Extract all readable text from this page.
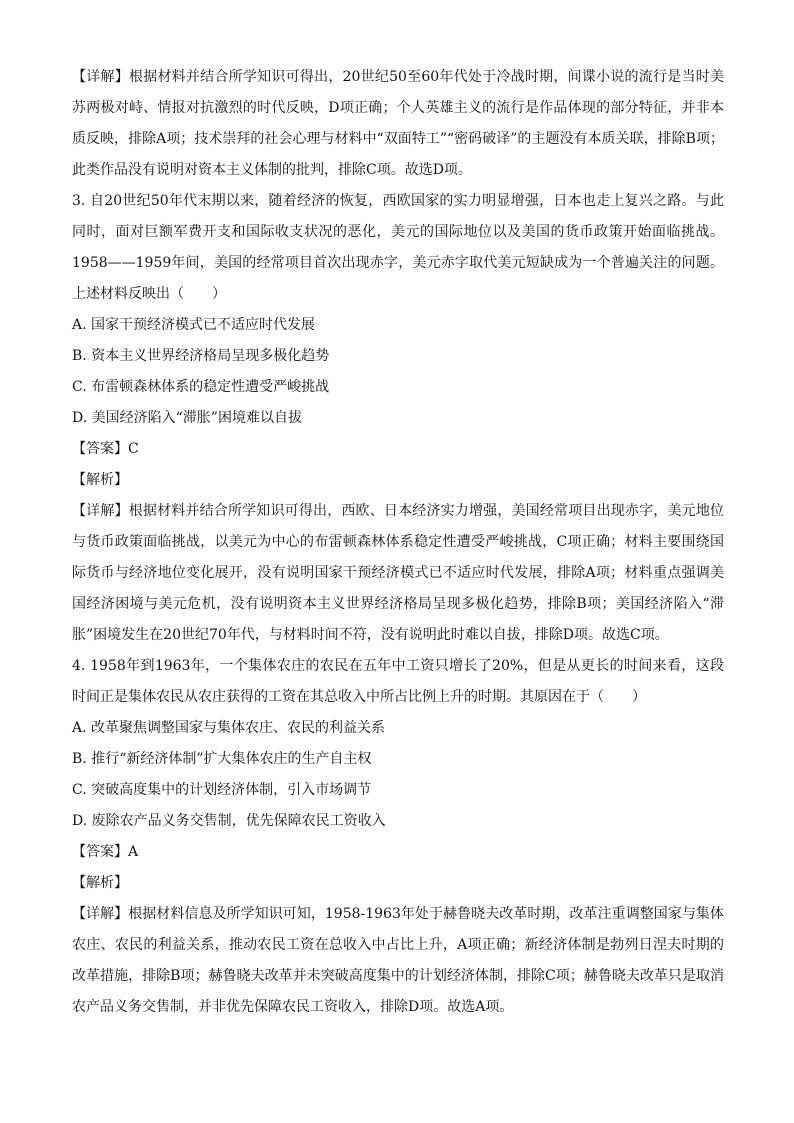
【详解】根据材料并结合所学知识可得出，20世纪50至60年代处于冷战时期，间谍小说的流行是当时美苏两极对峙、情报对抗激烈的时代反映，D项正确；个人英雄主义的流行是作品体现的部分特征，并非本质反映，排除A项；技术崇拜的社会心理与材料中“双面特工”“密码破译”的主题没有本质关联，排除B项；此类作品没有说明对资本主义体制的批判，排除C项。故选D项。

3. 自20世纪50年代末期以来，随着经济的恢复，西欧国家的实力明显增强，日本也走上复兴之路。与此同时，面对巨额军费开支和国际收支状况的恶化，美元的国际地位以及美国的货币政策开始面临挑战。1958——1959年间，美国的经常项目首次出现赤字，美元赤字取代美元短缺成为一个普遍关注的问题。上述材料反映出（　　）

A. 国家干预经济模式已不适应时代发展

B. 资本主义世界经济格局呈现多极化趋势

C. 布雷顿森林体系的稳定性遭受严峻挑战

D. 美国经济陷入“滞胀”困境难以自拔

【答案】C

【解析】

【详解】根据材料并结合所学知识可得出，西欧、日本经济实力增强，美国经常项目出现赤字，美元地位与货币政策面临挑战，以美元为中心的布雷顿森林体系稳定性遭受严峻挑战，C项正确；材料主要围绕国际货币与经济地位变化展开，没有说明国家干预经济模式已不适应时代发展，排除A项；材料重点强调美国经济困境与美元危机，没有说明资本主义世界经济格局呈现多极化趋势，排除B项；美国经济陷入“滞胀”困境发生在20世纪70年代，与材料时间不符，没有说明此时难以自拔，排除D项。故选C项。

4. 1958年到1963年，一个集体农庄的农民在五年中工资只增长了20%，但是从更长的时间来看，这段时间正是集体农民从农庄获得的工资在其总收入中所占比例上升的时期。其原因在于（　　）

A. 改革聚焦调整国家与集体农庄、农民的利益关系

B. 推行“新经济体制”扩大集体农庄的生产自主权

C. 突破高度集中的计划经济体制，引入市场调节

D. 废除农产品义务交售制，优先保障农民工资收入

【答案】A

【解析】

【详解】根据材料信息及所学知识可知，1958-1963年处于赫鲁晓夫改革时期，改革注重调整国家与集体农庄、农民的利益关系，推动农民工资在总收入中占比上升，A项正确；新经济体制是勃列日涅夫时期的改革措施，排除B项；赫鲁晓夫改革并未突破高度集中的计划经济体制，排除C项；赫鲁晓夫改革只是取消农产品义务交售制，并非优先保障农民工资收入，排除D项。故选A项。
